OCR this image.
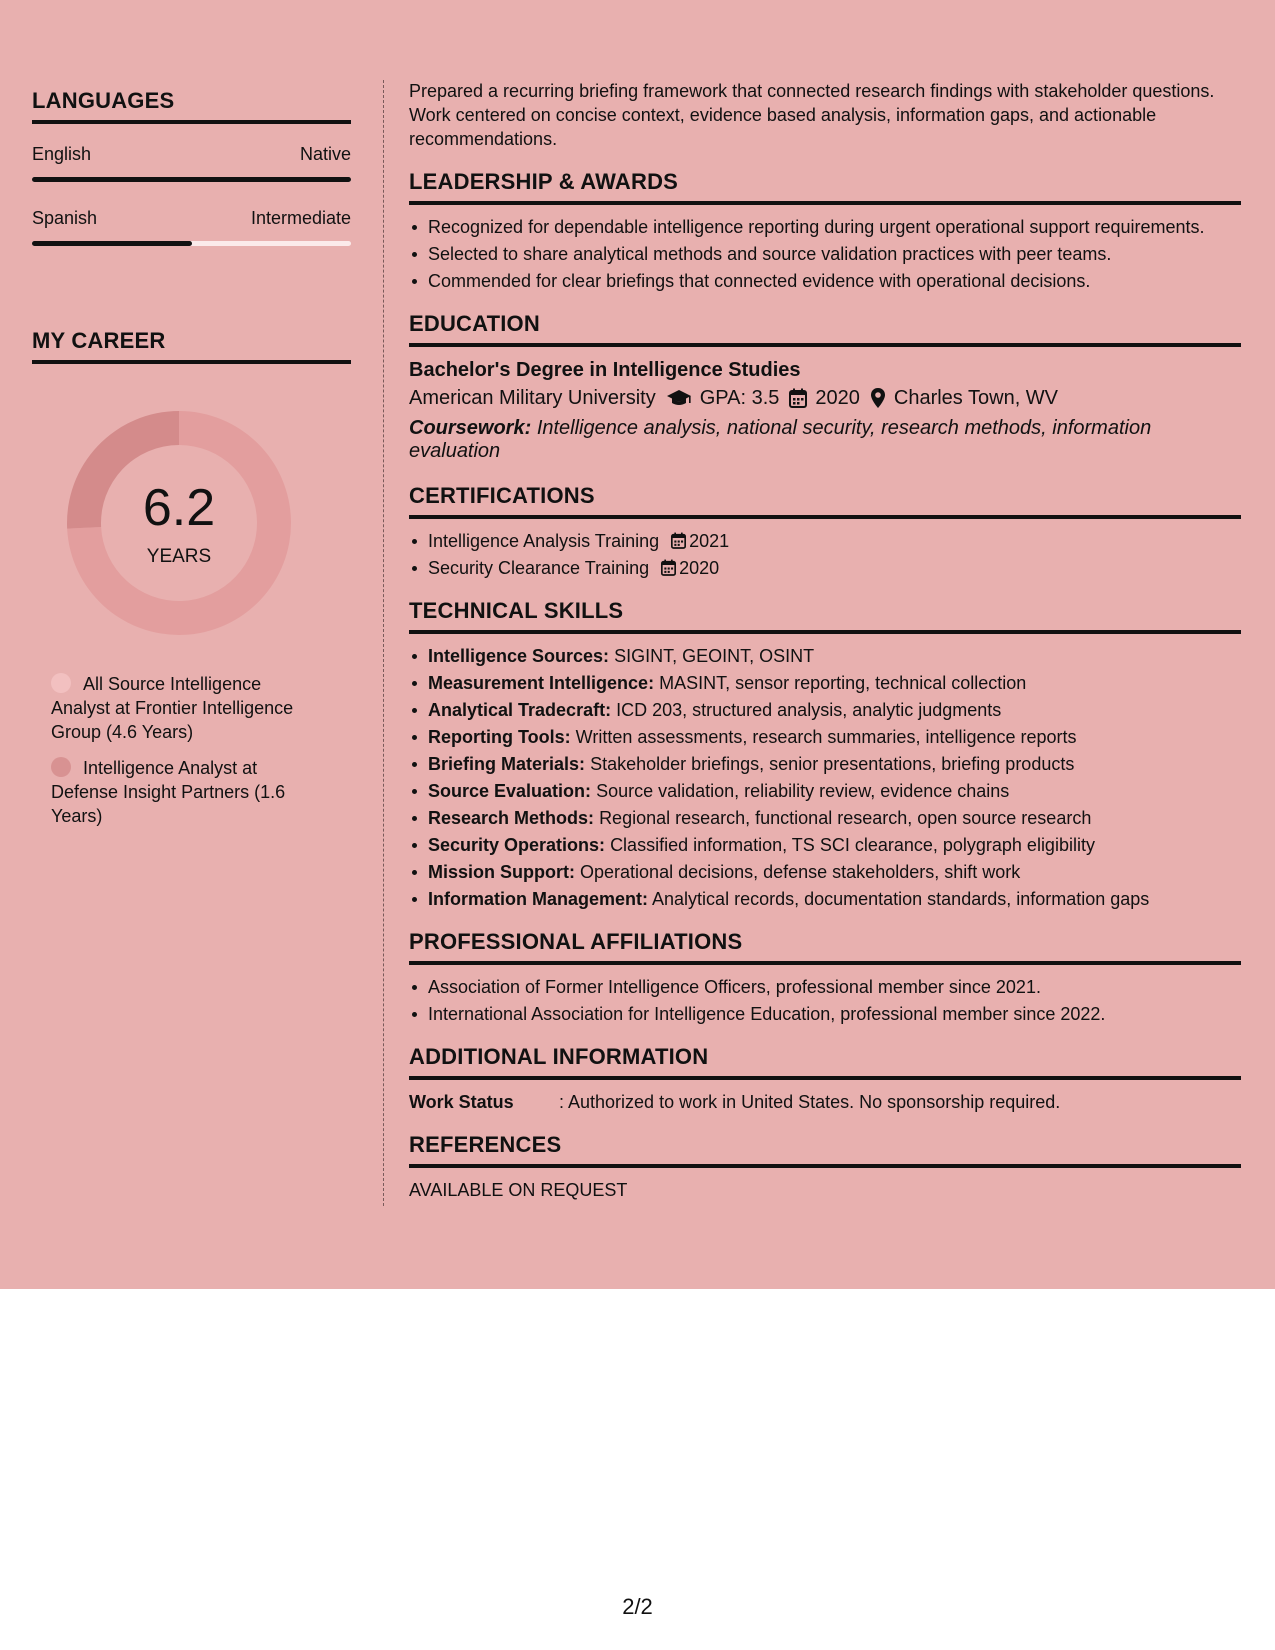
LANGUAGES
English	Native
Spanish	Intermediate
MY CAREER
6.2
YEARS
All Source Intelligence Analyst at Frontier Intelligence Group (4.6 Years)
Intelligence Analyst at Defense Insight Partners (1.6 Years)
Prepared a recurring briefing framework that connected research findings with stakeholder questions. Work centered on concise context, evidence based analysis, information gaps, and actionable recommendations.
LEADERSHIP & AWARDS
Recognized for dependable intelligence reporting during urgent operational support requirements.
Selected to share analytical methods and source validation practices with peer teams.
Commended for clear briefings that connected evidence with operational decisions.
EDUCATION
Bachelor's Degree in Intelligence Studies
American Military University GPA: 3.5 2020 Charles Town, WV
Coursework: Intelligence analysis, national security, research methods, information evaluation
CERTIFICATIONS
Intelligence Analysis Training 2021
Security Clearance Training 2020
TECHNICAL SKILLS
Intelligence Sources: SIGINT, GEOINT, OSINT
Measurement Intelligence: MASINT, sensor reporting, technical collection
Analytical Tradecraft: ICD 203, structured analysis, analytic judgments
Reporting Tools: Written assessments, research summaries, intelligence reports
Briefing Materials: Stakeholder briefings, senior presentations, briefing products
Source Evaluation: Source validation, reliability review, evidence chains
Research Methods: Regional research, functional research, open source research
Security Operations: Classified information, TS SCI clearance, polygraph eligibility
Mission Support: Operational decisions, defense stakeholders, shift work
Information Management: Analytical records, documentation standards, information gaps
PROFESSIONAL AFFILIATIONS
Association of Former Intelligence Officers, professional member since 2021.
International Association for Intelligence Education, professional member since 2022.
ADDITIONAL INFORMATION
Work Status	: Authorized to work in United States. No sponsorship required.
REFERENCES
AVAILABLE ON REQUEST
2/2
